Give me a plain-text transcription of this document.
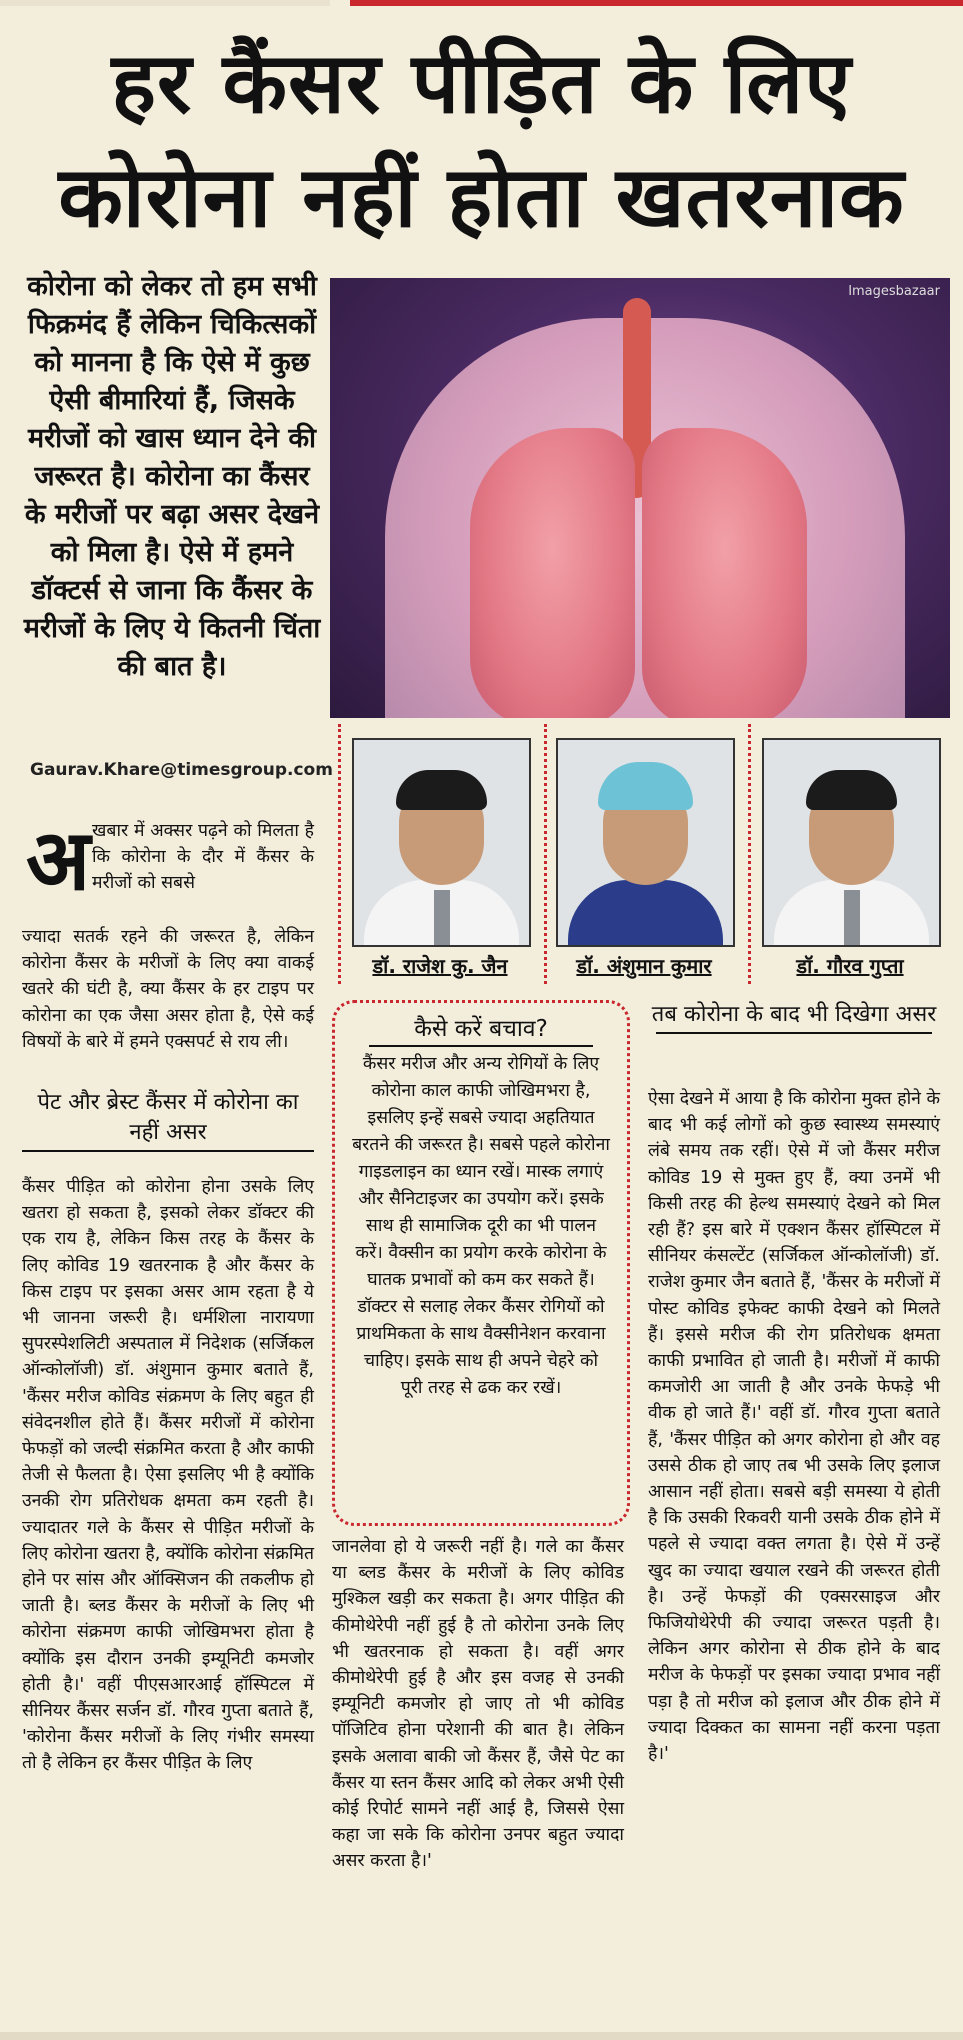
हर कैंसर पीड़ित के लिए
कोरोना नहीं होता खतरनाक
कोरोना को लेकर तो हम सभी फिक्रमंद हैं लेकिन चिकित्सकों को मानना है कि ऐसे में कुछ ऐसी बीमारियां हैं, जिसके मरीजों को खास ध्यान देने की जरूरत है। कोरोना का कैंसर के मरीजों पर बढ़ा असर देखने को मिला है। ऐसे में हमने डॉक्टर्स से जाना कि कैंसर के मरीजों के लिए ये कितनी चिंता की बात है।
Gaurav.Khare@timesgroup.com
Imagesbazaar
डॉ. राजेश कु. जैन	डॉ. अंशुमान कुमार	डॉ. गौरव गुप्ता
अ खबार में अक्सर पढ़ने को मिलता है कि कोरोना के दौर में कैंसर के मरीजों को सबसे
ज्यादा सतर्क रहने की जरूरत है, लेकिन कोरोना कैंसर के मरीजों के लिए क्या वाकई खतरे की घंटी है, क्या कैंसर के हर टाइप पर कोरोना का एक जैसा असर होता है, ऐसे कई विषयों के बारे में हमने एक्सपर्ट से राय ली।
पेट और ब्रेस्ट कैंसर में कोरोना का नहीं असर
कैंसर पीड़ित को कोरोना होना उसके लिए खतरा हो सकता है, इसको लेकर डॉक्टर की एक राय है, लेकिन किस तरह के कैंसर के लिए कोविड 19 खतरनाक है और कैंसर के किस टाइप पर इसका असर आम रहता है ये भी जानना जरूरी है। धर्मशिला नारायणा सुपरस्पेशलिटी अस्पताल में निदेशक (सर्जिकल ऑन्कोलॉजी) डॉ. अंशुमान कुमार बताते हैं, 'कैंसर मरीज कोविड संक्रमण के लिए बहुत ही संवेदनशील होते हैं। कैंसर मरीजों में कोरोना फेफड़ों को जल्दी संक्रमित करता है और काफी तेजी से फैलता है। ऐसा इसलिए भी है क्योंकि उनकी रोग प्रतिरोधक क्षमता कम रहती है। ज्यादातर गले के कैंसर से पीड़ित मरीजों के लिए कोरोना खतरा है, क्योंकि कोरोना संक्रमित होने पर सांस और ऑक्सिजन की तकलीफ हो जाती है। ब्लड कैंसर के मरीजों के लिए भी कोरोना संक्रमण काफी जोखिमभरा होता है क्योंकि इस दौरान उनकी इम्यूनिटी कमजोर होती है।' वहीं पीएसआरआई हॉस्पिटल में सीनियर कैंसर सर्जन डॉ. गौरव गुप्ता बताते हैं, 'कोरोना कैंसर मरीजों के लिए गंभीर समस्या तो है लेकिन हर कैंसर पीड़ित के लिए
कैसे करें बचाव?
कैंसर मरीज और अन्य रोगियों के लिए कोरोना काल काफी जोखिमभरा है, इसलिए इन्हें सबसे ज्यादा अहतियात बरतने की जरूरत है। सबसे पहले कोरोना गाइडलाइन का ध्यान रखें। मास्क लगाएं और सैनिटाइजर का उपयोग करें। इसके साथ ही सामाजिक दूरी का भी पालन करें। वैक्सीन का प्रयोग करके कोरोना के घातक प्रभावों को कम कर सकते हैं। डॉक्टर से सलाह लेकर कैंसर रोगियों को प्राथमिकता के साथ वैक्सीनेशन करवाना चाहिए। इसके साथ ही अपने चेहरे को पूरी तरह से ढक कर रखें।
जानलेवा हो ये जरूरी नहीं है। गले का कैंसर या ब्लड कैंसर के मरीजों के लिए कोविड मुश्किल खड़ी कर सकता है। अगर पीड़ित की कीमोथेरेपी नहीं हुई है तो कोरोना उनके लिए भी खतरनाक हो सकता है। वहीं अगर कीमोथेरेपी हुई है और इस वजह से उनकी इम्यूनिटी कमजोर हो जाए तो भी कोविड पॉजिटिव होना परेशानी की बात है। लेकिन इसके अलावा बाकी जो कैंसर हैं, जैसे पेट का कैंसर या स्तन कैंसर आदि को लेकर अभी ऐसी कोई रिपोर्ट सामने नहीं आई है, जिससे ऐसा कहा जा सके कि कोरोना उनपर बहुत ज्यादा असर करता है।'
तब कोरोना के बाद भी दिखेगा असर
ऐसा देखने में आया है कि कोरोना मुक्त होने के बाद भी कई लोगों को कुछ स्वास्थ्य समस्याएं लंबे समय तक रहीं। ऐसे में जो कैंसर मरीज कोविड 19 से मुक्त हुए हैं, क्या उनमें भी किसी तरह की हेल्थ समस्याएं देखने को मिल रही हैं? इस बारे में एक्शन कैंसर हॉस्पिटल में सीनियर कंसल्टेंट (सर्जिकल ऑन्कोलॉजी) डॉ. राजेश कुमार जैन बताते हैं, 'कैंसर के मरीजों में पोस्ट कोविड इफेक्ट काफी देखने को मिलते हैं। इससे मरीज की रोग प्रतिरोधक क्षमता काफी प्रभावित हो जाती है। मरीजों में काफी कमजोरी आ जाती है और उनके फेफड़े भी वीक हो जाते हैं।' वहीं डॉ. गौरव गुप्ता बताते हैं, 'कैंसर पीड़ित को अगर कोरोना हो और वह उससे ठीक हो जाए तब भी उसके लिए इलाज आसान नहीं होता। सबसे बड़ी समस्या ये होती है कि उसकी रिकवरी यानी उसके ठीक होने में पहले से ज्यादा वक्त लगता है। ऐसे में उन्हें खुद का ज्यादा खयाल रखने की जरूरत होती है। उन्हें फेफड़ों की एक्सरसाइज और फिजियोथेरेपी की ज्यादा जरूरत पड़ती है। लेकिन अगर कोरोना से ठीक होने के बाद मरीज के फेफड़ों पर इसका ज्यादा प्रभाव नहीं पड़ा है तो मरीज को इलाज और ठीक होने में ज्यादा दिक्कत का सामना नहीं करना पड़ता है।'
